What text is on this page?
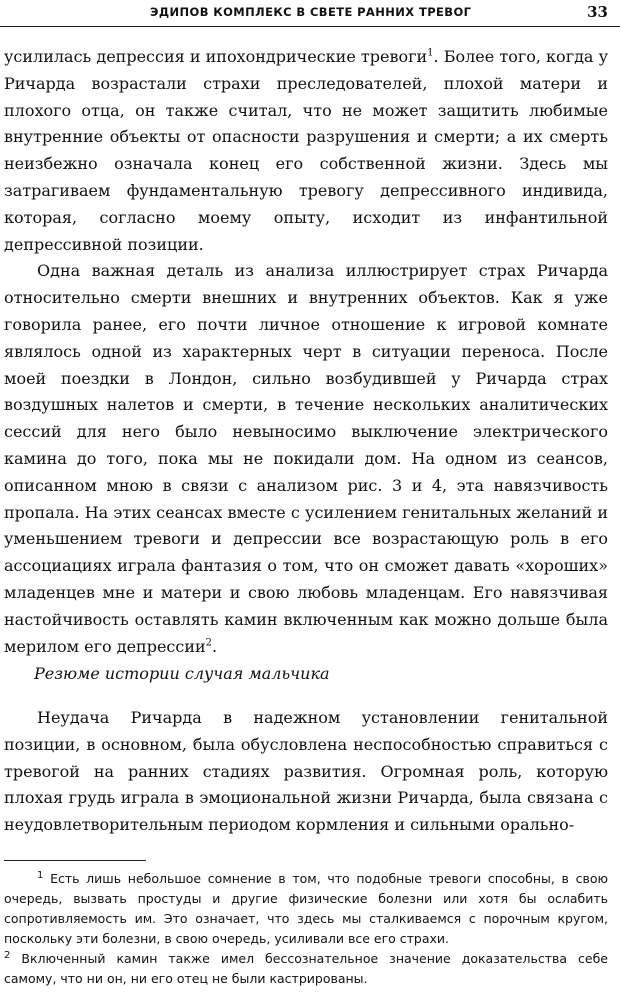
ЭДИПОВ КОМПЛЕКС В СВЕТЕ РАННИХ ТРЕВОГ	33

усилилась депрессия и ипохондрические тревоги$^1$. Более того, когда у Ричарда возрастали страхи преследователей, плохой матери и плохого отца, он также считал, что не может защитить любимые внутренние объекты от опасности разрушения и смерти; а их смерть неизбежно означала конец его собственной жизни. Здесь мы затрагиваем фундаментальную тревогу депрессивного индивида, которая, согласно моему опыту, исходит из инфантильной депрессивной позиции.

Одна важная деталь из анализа иллюстрирует страх Ричарда относительно смерти внешних и внутренних объектов. Как я уже говорила ранее, его почти личное отношение к игровой комнате являлось одной из характерных черт в ситуации переноса. После моей поездки в Лондон, сильно возбудившей у Ричарда страх воздушных налетов и смерти, в течение нескольких аналитических сессий для него было невыносимо выключение электрического камина до того, пока мы не покидали дом. На одном из сеансов, описанном мною в связи с анализом рис. 3 и 4, эта навязчивость пропала. На этих сеансах вместе с усилением генитальных желаний и уменьшением тревоги и депрессии все возрастающую роль в его ассоциациях играла фантазия о том, что он сможет давать «хороших» младенцев мне и матери и свою любовь младенцам. Его навязчивая настойчивость оставлять камин включенным как можно дольше была мерилом его депрессии$^2$.

Резюме истории случая мальчика

Неудача Ричарда в надежном установлении генитальной позиции, в основном, была обусловлена неспособностью справиться с тревогой на ранних стадиях развития. Огромная роль, которую плохая грудь играла в эмоциональной жизни Ричарда, была связана с неудовлетворительным периодом кормления и сильными орально-

$^1$ Есть лишь небольшое сомнение в том, что подобные тревоги способны, в свою очередь, вызвать простуды и другие физические болезни или хотя бы ослабить сопротивляемость им. Это означает, что здесь мы сталкиваемся с порочным кругом, поскольку эти болезни, в свою очередь, усиливали все его страхи.

$^2$ Включенный камин также имел бессознательное значение доказательства себе самому, что ни он, ни его отец не были кастрированы.
